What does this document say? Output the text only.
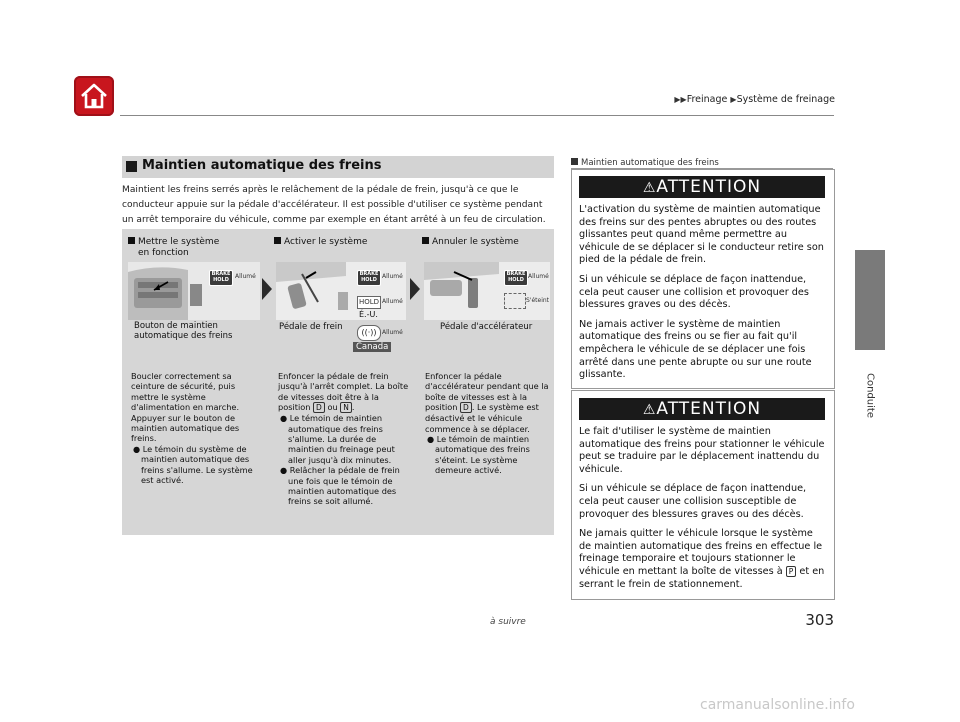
▶▶Freinage ▶Système de freinage
Conduite
Maintien automatique des freins
Maintient les freins serrés après le relâchement de la pédale de frein, jusqu'à ce que le conducteur appuie sur la pédale d'accélérateur. Il est possible d'utiliser ce système pendant un arrêt temporaire du véhicule, comme par exemple en étant arrêté à un feu de circulation.
Mettre le système
en fonction
Activer le système	Annuler le système
BRAKE
HOLD	Allumé	BRAKE
HOLD Allumé
HOLD Allumé
É.-U.
((·)) Allumé
Canada
BRAKE
HOLD Allumé
S'éteint
Bouton de maintien
automatique des freins
Pédale de frein	Pédale d'accélérateur
Boucler correctement sa ceinture de sécurité, puis mettre le système d'alimentation en marche. Appuyer sur le bouton de maintien automatique des freins.
● Le témoin du système de maintien automatique des freins s'allume. Le système est activé.
Enfoncer la pédale de frein jusqu'à l'arrêt complet. La boîte de vitesses doit être à la position D ou N .
● Le témoin de maintien automatique des freins s'allume. La durée de maintien du freinage peut aller jusqu'à dix minutes.
● Relâcher la pédale de frein une fois que le témoin de maintien automatique des freins se soit allumé.
Enfoncer la pédale d'accélérateur pendant que la boîte de vitesses est à la position D . Le système est désactivé et le véhicule commence à se déplacer.
● Le témoin de maintien automatique des freins s'éteint. Le système demeure activé.
Maintien automatique des freins
⚠ATTENTION

L'activation du système de maintien automatique des freins sur des pentes abruptes ou des routes glissantes peut quand même permettre au véhicule de se déplacer si le conducteur retire son pied de la pédale de frein.

Si un véhicule se déplace de façon inattendue, cela peut causer une collision et provoquer des blessures graves ou des décès.

Ne jamais activer le système de maintien automatique des freins ou se fier au fait qu'il empêchera le véhicule de se déplacer une fois arrêté dans une pente abrupte ou sur une route glissante.

⚠ATTENTION

Le fait d'utiliser le système de maintien automatique des freins pour stationner le véhicule peut se traduire par le déplacement inattendu du véhicule.

Si un véhicule se déplace de façon inattendue, cela peut causer une collision susceptible de provoquer des blessures graves ou des décès.

Ne jamais quitter le véhicule lorsque le système de maintien automatique des freins en effectue le freinage temporaire et toujours stationner le véhicule en mettant la boîte de vitesses à P et en serrant le frein de stationnement.

à suivre	303
carmanualsonline.info
